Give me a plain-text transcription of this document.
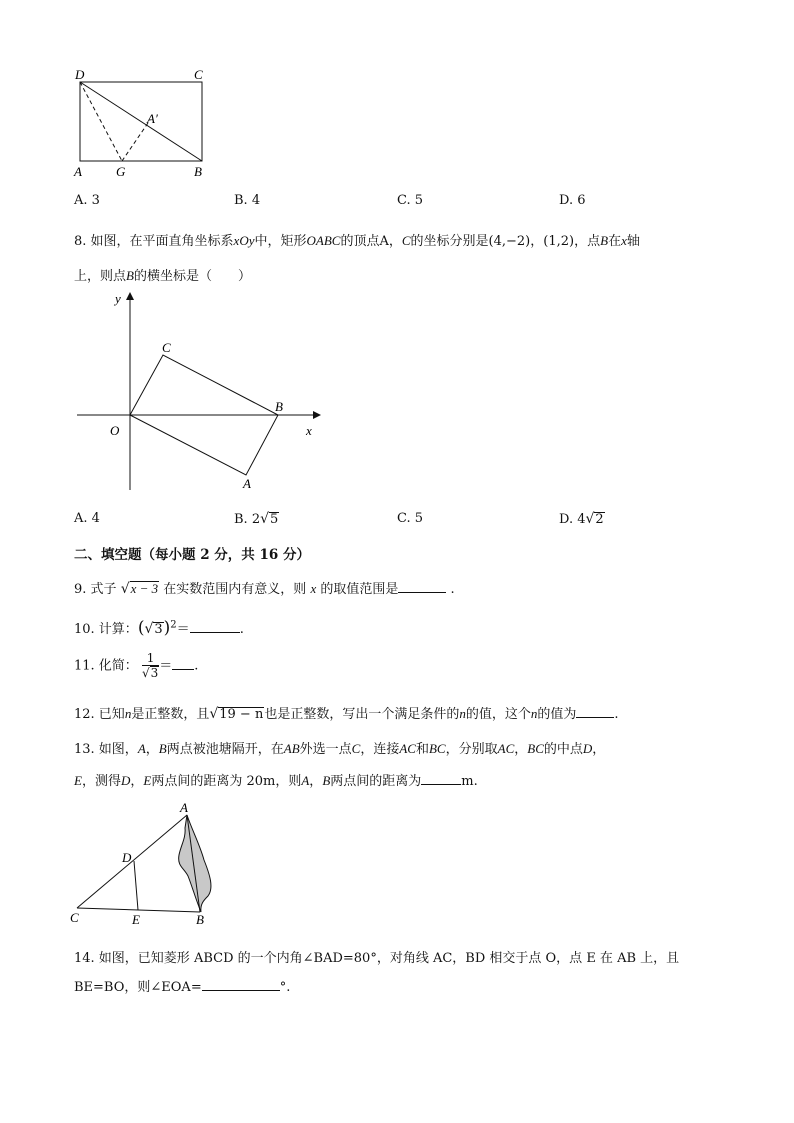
D	C
A	G	B
A′
A. 3	B. 4	C. 5	D. 6
8. 如图，在平面直角坐标系xOy中，矩形OABC的顶点A，C的坐标分别是(4,−2)，(1,2)，点B在x轴
上，则点B的横坐标是（　　）
y
C
B
O	x
A
A. 4	B. 2√5	C. 5	D. 4√2
二、填空题（每小题 2 分，共 16 分）
9. 式子 √x − 3 在实数范围内有意义，则 x 的取值范围是	.
10. 计算：$(√3)^2=$	.
11. 化简： $\frac{1}{√3}$ ＝ .
12. 已知n是正整数，且√19 − n也是正整数，写出一个满足条件的n的值，这个n的值为	.
13. 如图，A，B两点被池塘隔开，在AB外选一点C，连接AC和BC，分别取AC，BC的中点D，
E，测得D，E两点间的距离为 20m，则A，B两点间的距离为	m.
A
D
C	E	B
14. 如图，已知菱形 ABCD 的一个内角∠BAD=80°，对角线 AC，BD 相交于点 O，点 E 在 AB 上，且
BE=BO，则∠EOA=	°.
